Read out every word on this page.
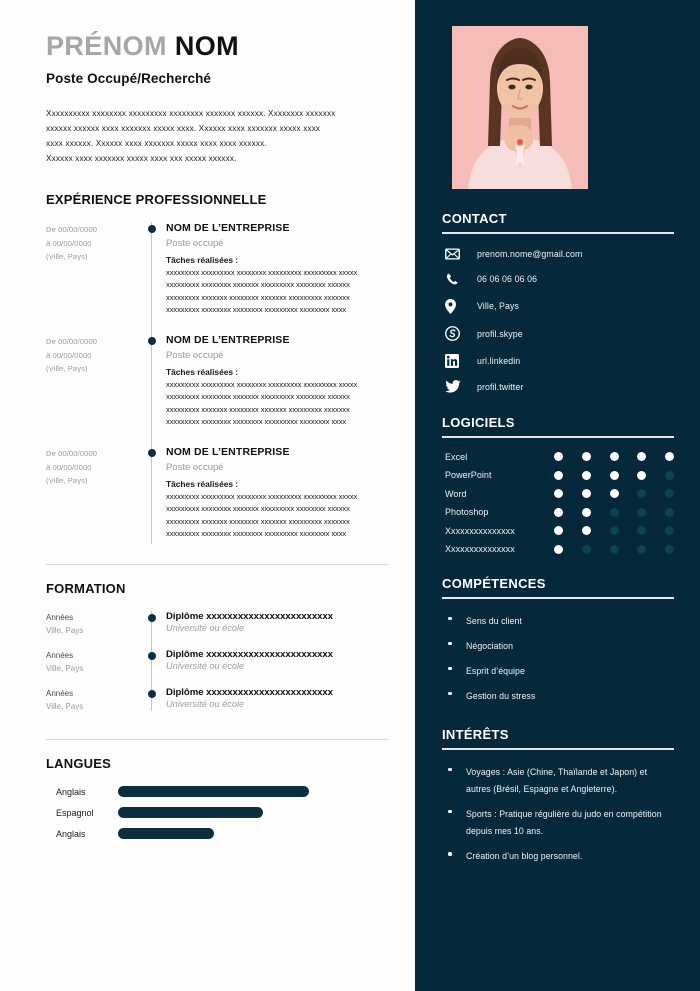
PRÉNOM NOM
Poste Occupé/Recherché
Xxxxxxxxxx xxxxxxxx xxxxxxxxx xxxxxxxx xxxxxxx xxxxxx. Xxxxxxxx xxxxxxx
xxxxxx xxxxxx xxxx xxxxxxx xxxxx xxxx. Xxxxxx xxxx xxxxxxx xxxxx xxxx
xxxx xxxxxx. Xxxxxx xxxx xxxxxxx xxxxx xxxx xxxx xxxxxx.
Xxxxxx xxxx xxxxxxx xxxxx xxxx xxx xxxxx xxxxxx.
EXPÉRIENCE PROFESSIONNELLE
De 00/00/0000
à 00/00/0000
(Ville, Pays)
NOM DE L’ENTREPRISE
Poste occupé
Tâches réalisées :
xxxxxxxxx xxxxxxxxx xxxxxxxx xxxxxxxxx xxxxxxxxx xxxxx
xxxxxxxxx xxxxxxxx xxxxxxx xxxxxxxxx xxxxxxxx xxxxxx
xxxxxxxxx xxxxxxx xxxxxxxx xxxxxxx xxxxxxxxx xxxxxxx
xxxxxxxxx xxxxxxxx xxxxxxxx xxxxxxxxx xxxxxxxx xxxx
De 00/00/0000
à 00/00/0000
(Ville, Pays)
NOM DE L’ENTREPRISE
Poste occupé
Tâches réalisées :
xxxxxxxxx xxxxxxxxx xxxxxxxx xxxxxxxxx xxxxxxxxx xxxxx
xxxxxxxxx xxxxxxxx xxxxxxx xxxxxxxxx xxxxxxxx xxxxxx
xxxxxxxxx xxxxxxx xxxxxxxx xxxxxxx xxxxxxxxx xxxxxxx
xxxxxxxxx xxxxxxxx xxxxxxxx xxxxxxxxx xxxxxxxx xxxx
De 00/00/0000
à 00/00/0000
(Ville, Pays)
NOM DE L’ENTREPRISE
Poste occupé
Tâches réalisées :
xxxxxxxxx xxxxxxxxx xxxxxxxx xxxxxxxxx xxxxxxxxx xxxxx
xxxxxxxxx xxxxxxxx xxxxxxx xxxxxxxxx xxxxxxxx xxxxxx
xxxxxxxxx xxxxxxx xxxxxxxx xxxxxxx xxxxxxxxx xxxxxxx
xxxxxxxxx xxxxxxxx xxxxxxxx xxxxxxxxx xxxxxxxx xxxx
FORMATION
Années
Ville, Pays
Diplôme xxxxxxxxxxxxxxxxxxxxxxxx
Université ou école
Années
Ville, Pays
Diplôme xxxxxxxxxxxxxxxxxxxxxxxx
Université ou école
Années
Ville, Pays
Diplôme xxxxxxxxxxxxxxxxxxxxxxxx
Université ou école
LANGUES
Anglais
Espagnol
Anglais
CONTACT
prenom.nome@gmail.com
06 06 06 06 06
Ville, Pays
profil.skype
url.linkedin
profil.twitter
LOGICIELS
Excel
PowerPoint
Word
Photoshop
Xxxxxxxxxxxxxxx
Xxxxxxxxxxxxxxx
COMPÉTENCES
Sens du client
Négociation
Esprit d’équipe
Gestion du stress
INTÉRÊTS
Voyages : Asie (Chine, Thaïlande et Japon) et autres (Brésil, Espagne et Angleterre).
Sports : Pratique régulière du judo en compétition depuis mes 10 ans.
Création d’un blog personnel.
